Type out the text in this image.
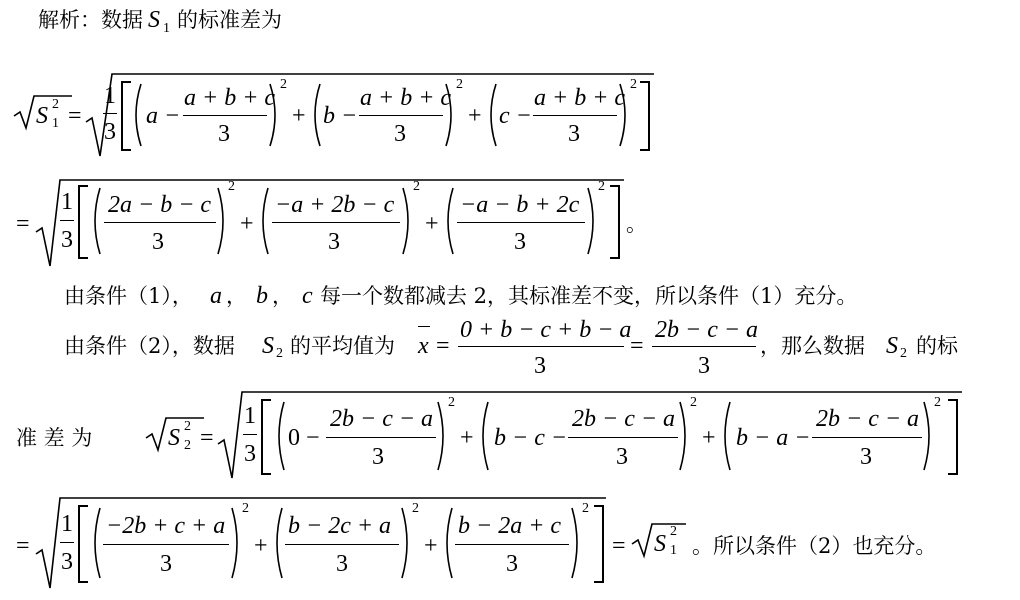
解析：数据 S 1 的标准差为
S 2
1 =
1
3
a −
a + b + c
3
2
+ b −
a + b + c
3
2
+ c −
a + b + c
3
2
=
1
3
2a − b − c
3
2
+
−a + 2b − c
3
2
+
−a − b + 2c
3
2
。
由条件（1）， a ， b ， c 每一个数都减去 2，其标准差不变，所以条件（1）充分。
由条件（2），数据 S 2 的平均值为 x =
0 + b − c + b − a
3
=
2b − c − a
3
，那么数据 S 2 的标
准 差 为	S 2
2 =
1
3
0 −
2b − c − a
3
2
+ b − c −
2b − c − a
3
2
+ b − a −
2b − c − a
3
2
=
1
3
−2b + c + a
3
2
+
b − 2c + a
3
2
+
b − 2a + c
3
2
= S 2
1 。所以条件（2）也充分。
